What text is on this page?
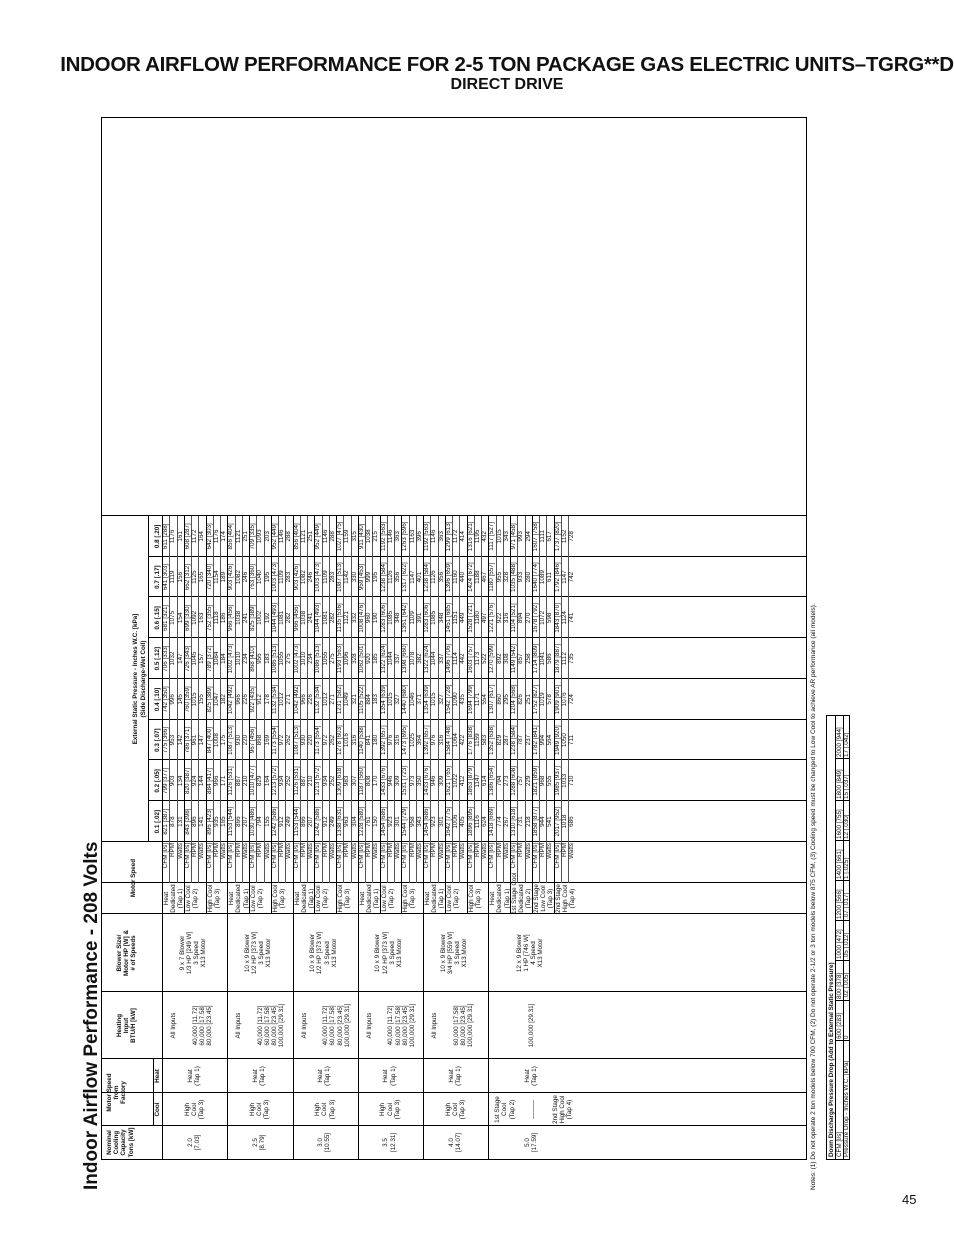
INDOOR AIRFLOW PERFORMANCE FOR 2-5 TON PACKAGE GAS ELECTRIC UNITS–TGRG**D
DIRECT DRIVE
Indoor Airflow Performance - 208 Volts Nominal
Cooling
Capacity
Tons [kW]
Motor Speed
from
Factory
Cool
Heat
Heating
Input
BTU/H [kW]
Blower Size/
Motor HP [W] &
# of Speeds
Motor Speed
External Static Pressure - Inches W.C. [kPa] (Side Discharge-Wet Coil)
0.1 [.02]
0.2 [.05]
0.3 [.07]
0.4 [.10]
0.5 [.12]
0.6 [.15]
0.7 [.17]
0.8 [.20]
2.0
[7.03]
High
Cool
(Tap 3)
Heat
(Tap 1)
All Inputs

40,000 [11.72]
60,000 [17.58]
80,000 [23.45]
9 x 7 Blower
1/3 HP [249 W]
3 Speed
X13 Motor
Heat
Dedicated
(Tap 1)
CFM [l/s]
821 [387]
799 [377]
775 [366]
742 [350]
706 [333]
681 [321]
641 [303]
611 [288]
RPM
878
903
953
996
1032
1075
1119
1176
Watts
131
134
142
145
147
154
156
161
Low Cool
(Tap 2)
CFM [l/s]
843 [398]
820 [387]
786 [371]
760 [359]
726 [343]
699 [330]
662 [312]
608 [287]
RPM
896
924
961
1015
1045
1092
1125
1172
Watts
141
144
147
155
157
163
165
164
High Cool
(Tap 3)
CFM [l/s]
896 [423]
884 [417]
847 [400]
825 [389]
789 [372]
752 [355]
720 [340]
642 [303]
RPM
935
966
1008
1047
1084
1118
1154
1176
Watts
165
171
175
182
184
186
189
174
2.5
[8.79]
High
Cool
(Tap 3)
Heat
(Tap 1)
All Inputs

40,000 [11.72]
60,000 [17.58]
80,000 [23.45]
100,000 [29.31]
10 x 9 Blower
1/2 HP [373 W]
3 Speed
X13 Motor
Heat
Dedicated
(Tap 1)
CFM [l/s]
1153 [544]
1126 [531]
1087 [513]
1042 [492]
1002 [473]
966 [456]
903 [426]
856 [404]
RPM
866
887
930
966
1010
1038
1082
1121
Watts
207
210
220
226
234
241
246
251
Low Cool
(Tap 2)
CFM [l/s]
1030 [486]
1010 [477]
967 [456]
922 [435]
868 [410]
825 [389]
763 [360]
709 [335]
RPM
794
829
868
912
956
1002
1040
1093
Watts
155
164
169
178
183
192
195
203
High Cool
(Tap 3)
CFM [l/s]
1242 [586]
1213 [572]
1173 [554]
1132 [534]
1086 [513]
1044 [493]
1003 [473]
952 [449]
RPM
912
934
972
1012
1055
1081
1109
1146
Watts
249
252
262
271
275
282
283
288
3.0
[10.55]
High
Cool
(Tap 3)
Heat
(Tap 1)
All Inputs

40,000 [11.72]
60,000 [17.58]
80,000 [23.45]
100,000 [29.31]
10 x 9 Blower
1/2 HP [373 W]
3 Speed
X13 Motor
Heat
Dedicated
(Tap 1)
CFM [l/s]
1153 [544]
1126 [531]
1087 [513]
1042 [492]
1002 [473]
966 [456]
903 [426]
856 [404]
RPM
866
887
930
966
1010
1038
1082
1121
Watts
207
210
220
226
234
241
246
251
Low Cool
(Tap 2)
CFM [l/s]
1242 [586]
1213 [572]
1173 [554]
1132 [534]
1086 [513]
1044 [493]
1003 [473]
952 [449]
RPM
912
934
972
1012
1055
1081
1109
1146
Watts
249
252
262
271
275
282
283
288
High Cool
(Tap 3)
CFM [l/s]
1338 [631]
1309 [618]
1278 [603]
1231 [582]
1193 [563]
1135 [536]
1087 [513]
1027 [475]
RPM
963
983
1016
1049
1096
1121
1142
1159
Watts
304
307
316
321
328
332
330
315
3.5
[12.31]
High
Cool
(Tap 3)
Heat
(Tap 1)
All Inputs

40,000 [11.72]
60,000 [17.58]
80,000 [23.45]
100,000 [29.31]
10 x 9 Blower
1/2 HP [373 W]
3 Speed
X13 Motor
Heat
Dedicated
(Tap 1)
CFM [l/s]
1228 [580]
1187 [560]
1140 [538]
1105 [522]
1062 [501]
1008 [476]
959 [453]
911 [430]
RPM
761
808
841
884
920
960
999
1038
Watts
150
170
180
183
185
190
195
215
Low Cool
(Tap 2)
CFM [l/s]
1454 [686]
1433 [676]
1392 [657]
1354 [639]
1322 [624]
1283 [606]
1238 [584]
1192 [563]
RPM
923
946
976
1015
1044
1085
1126
1146
Watts
301
309
316
327
337
348
356
363
High Cool
(Tap 3)
CFM [l/s]
1544 [729]
1531 [723]
1473 [695]
1440 [680]
1398 [660]
1361 [642]
1317 [622]
1263 [596]
RPM
958
973
1025
1046
1078
1109
1147
1163
Watts
343
350
364
371
382
391
401
396
4.0
[14.07]
High
Cool
(Tap 3)
Heat
(Tap 1)
All Inputs

60,000 [17.58]
80,000 [23.45]
100,000 [29.31]
10 x 9 Blower
3/4 HP [559 W]
3 Speed
X13 Motor
Heat
Dedicated
(Tap 1)
CFM [l/s]
1454 [686]
1433 [676]
1392 [657]
1354 [639]
1322 [624]
1283 [606]
1238 [584]
1192 [563]
RPM
923
946
976
1015
1044
1085
1126
1146
Watts
301
309
316
327
337
348
356
363
Low Cool
(Tap 2)
CFM [l/s]
1642 [775]
1621 [765]
1584 [748]
1542 [728]
1496 [706]
1451 [685]
1396 [659]
1299 [613]
RPM
1006
1022
1064
1090
1114
1151
1160
1172
Watts
405
412
422
435
442
449
440
414
High Cool
(Tap 3)
CFM [l/s]
1896 [895]
1863 [879]
1776 [838]
1694 [799]
1603 [757]
1528 [721]
1424 [672]
1316 [621]
RPM
1116
1147
1159
1171
1173
1180
1188
1195
Watts
624
614
583
554
522
497
467
432
5.0
[17.59]
1st Stage
Cool
(Tap 2)

———

2nd Stage
High Cool
(Tap 4)
Heat
(Tap 1)
100,000 [29.31]
12 x 9 Blower
1 HP [746 W]
4 Speed
X13 Motor
Heat
Dedicated
(Tap 1)
CFM [l/s]
1418 [669]
1386 [654]
1352 [638]
1307 [617]
1270 [599]
1221 [576]
1180 [557]
1117 [527]
RPM
774
794
829
860
892
922
955
1015
Watts
267
273
287
295
308
316
328
343
1st Stage Cool
Dedicated
(Tap 2)
CFM [l/s]
1310 [618]
1288 [608]
1238 [584]
1204 [568]
1149 [542]
1104 [521]
1035 [488]
971 [458]
RPM
731
757
787
826
857
894
933
993
Watts
218
229
237
251
258
270
280
294
2nd Stage
Low Cool
(Tap 3)
CFM [l/s]
1858 [877]
1821 [859]
1782 [841]
1752 [827]
1714 [809]
1678 [792]
1640 [774]
1607 [758]
RPM
944
968
994
1019
1041
1072
1089
1111
Watts
541
555
564
578
586
598
611
617
2nd Stage
High Cool
(Tap 4)
CFM [l/s]
2017 [952]
1985 [937]
1949 [920]
1909 [901]
1879 [887]
1843 [870]
1792 [846]
1737 [820]
RPM
1018
1033
1050
1076
1112
1124
1147
1152
Watts
686
710
711
724
735
741
742
728
Notes: (1) Do not operate 2 ton models below 700 CFM, (2) Do not operate 2-1/2 or 3 ton models below 875 CFM, (3) Cooling speed must be changed to Low Cool to achieve AR performance (all models). Down Discharge Pressure Drop (Add to External Static Pressure) CFM [l/s]
600 [283]
800 [378]
1000 [472]
1200 [566]
1400 [661]
1600 [755]
1800 [849]
2000 [944]
Pressure Drop - Inches W.C. [kPa]
0
.02 [.005]
.05 [.012]
.07 [.017]
1 [.025]
12 [.030]
15 [.037]
17 [.042]
45
